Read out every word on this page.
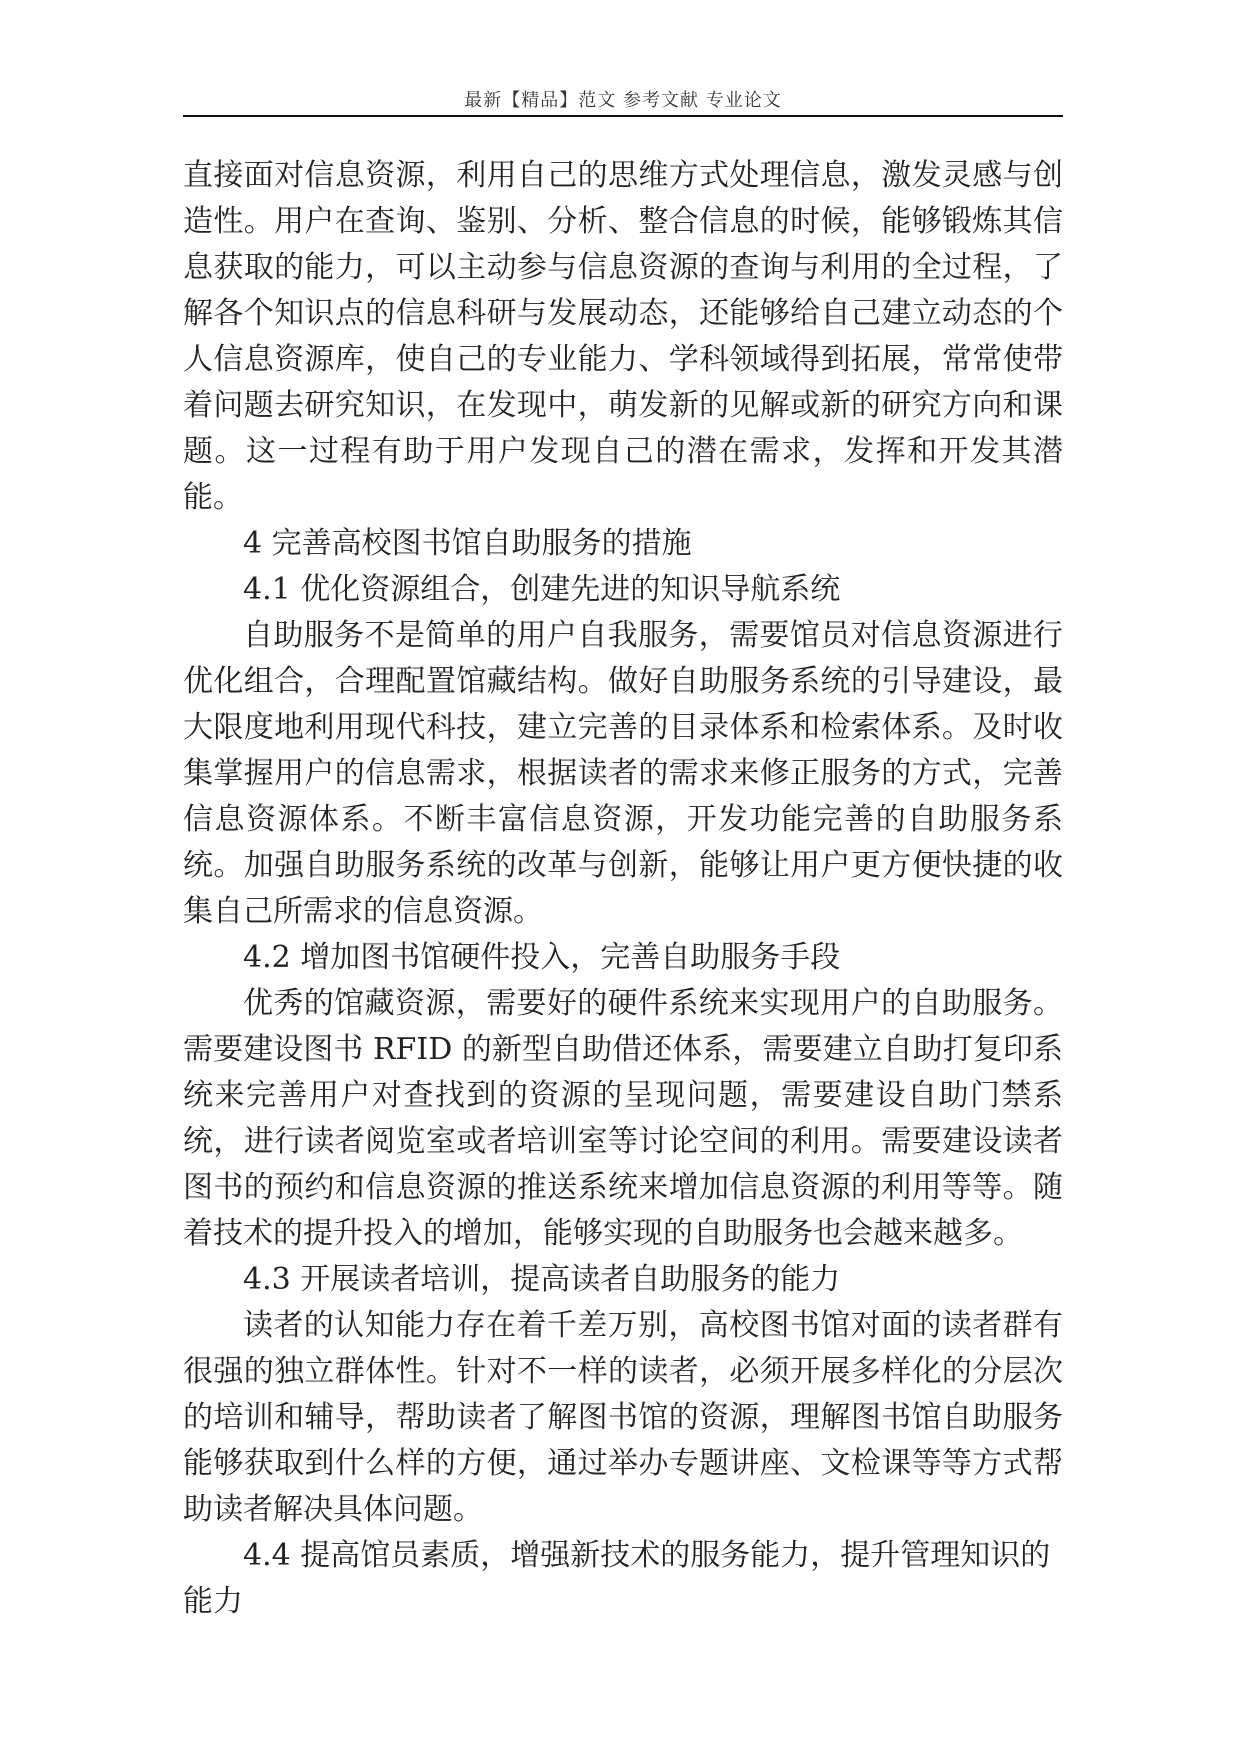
最新【精品】范文 参考文献 专业论文

直接面对信息资源，利用自己的思维方式处理信息，激发灵感与创造性。用户在查询、鉴别、分析、整合信息的时候，能够锻炼其信息获取的能力，可以主动参与信息资源的查询与利用的全过程，了解各个知识点的信息科研与发展动态，还能够给自己建立动态的个人信息资源库，使自己的专业能力、学科领域得到拓展，常常使带着问题去研究知识，在发现中，萌发新的见解或新的研究方向和课题。这一过程有助于用户发现自己的潜在需求，发挥和开发其潜能。

4 完善高校图书馆自助服务的措施

4.1 优化资源组合，创建先进的知识导航系统

自助服务不是简单的用户自我服务，需要馆员对信息资源进行优化组合，合理配置馆藏结构。做好自助服务系统的引导建设，最大限度地利用现代科技，建立完善的目录体系和检索体系。及时收集掌握用户的信息需求，根据读者的需求来修正服务的方式，完善信息资源体系。不断丰富信息资源，开发功能完善的自助服务系统。加强自助服务系统的改革与创新，能够让用户更方便快捷的收集自己所需求的信息资源。

4.2 增加图书馆硬件投入，完善自助服务手段

优秀的馆藏资源，需要好的硬件系统来实现用户的自助服务。需要建设图书 RFID 的新型自助借还体系，需要建立自助打复印系统来完善用户对查找到的资源的呈现问题，需要建设自助门禁系统，进行读者阅览室或者培训室等讨论空间的利用。需要建设读者图书的预约和信息资源的推送系统来增加信息资源的利用等等。随着技术的提升投入的增加，能够实现的自助服务也会越来越多。

4.3 开展读者培训，提高读者自助服务的能力

读者的认知能力存在着千差万别，高校图书馆对面的读者群有很强的独立群体性。针对不一样的读者，必须开展多样化的分层次的培训和辅导，帮助读者了解图书馆的资源，理解图书馆自助服务能够获取到什么样的方便，通过举办专题讲座、文检课等等方式帮助读者解决具体问题。

4.4 提高馆员素质，增强新技术的服务能力，提升管理知识的能力
